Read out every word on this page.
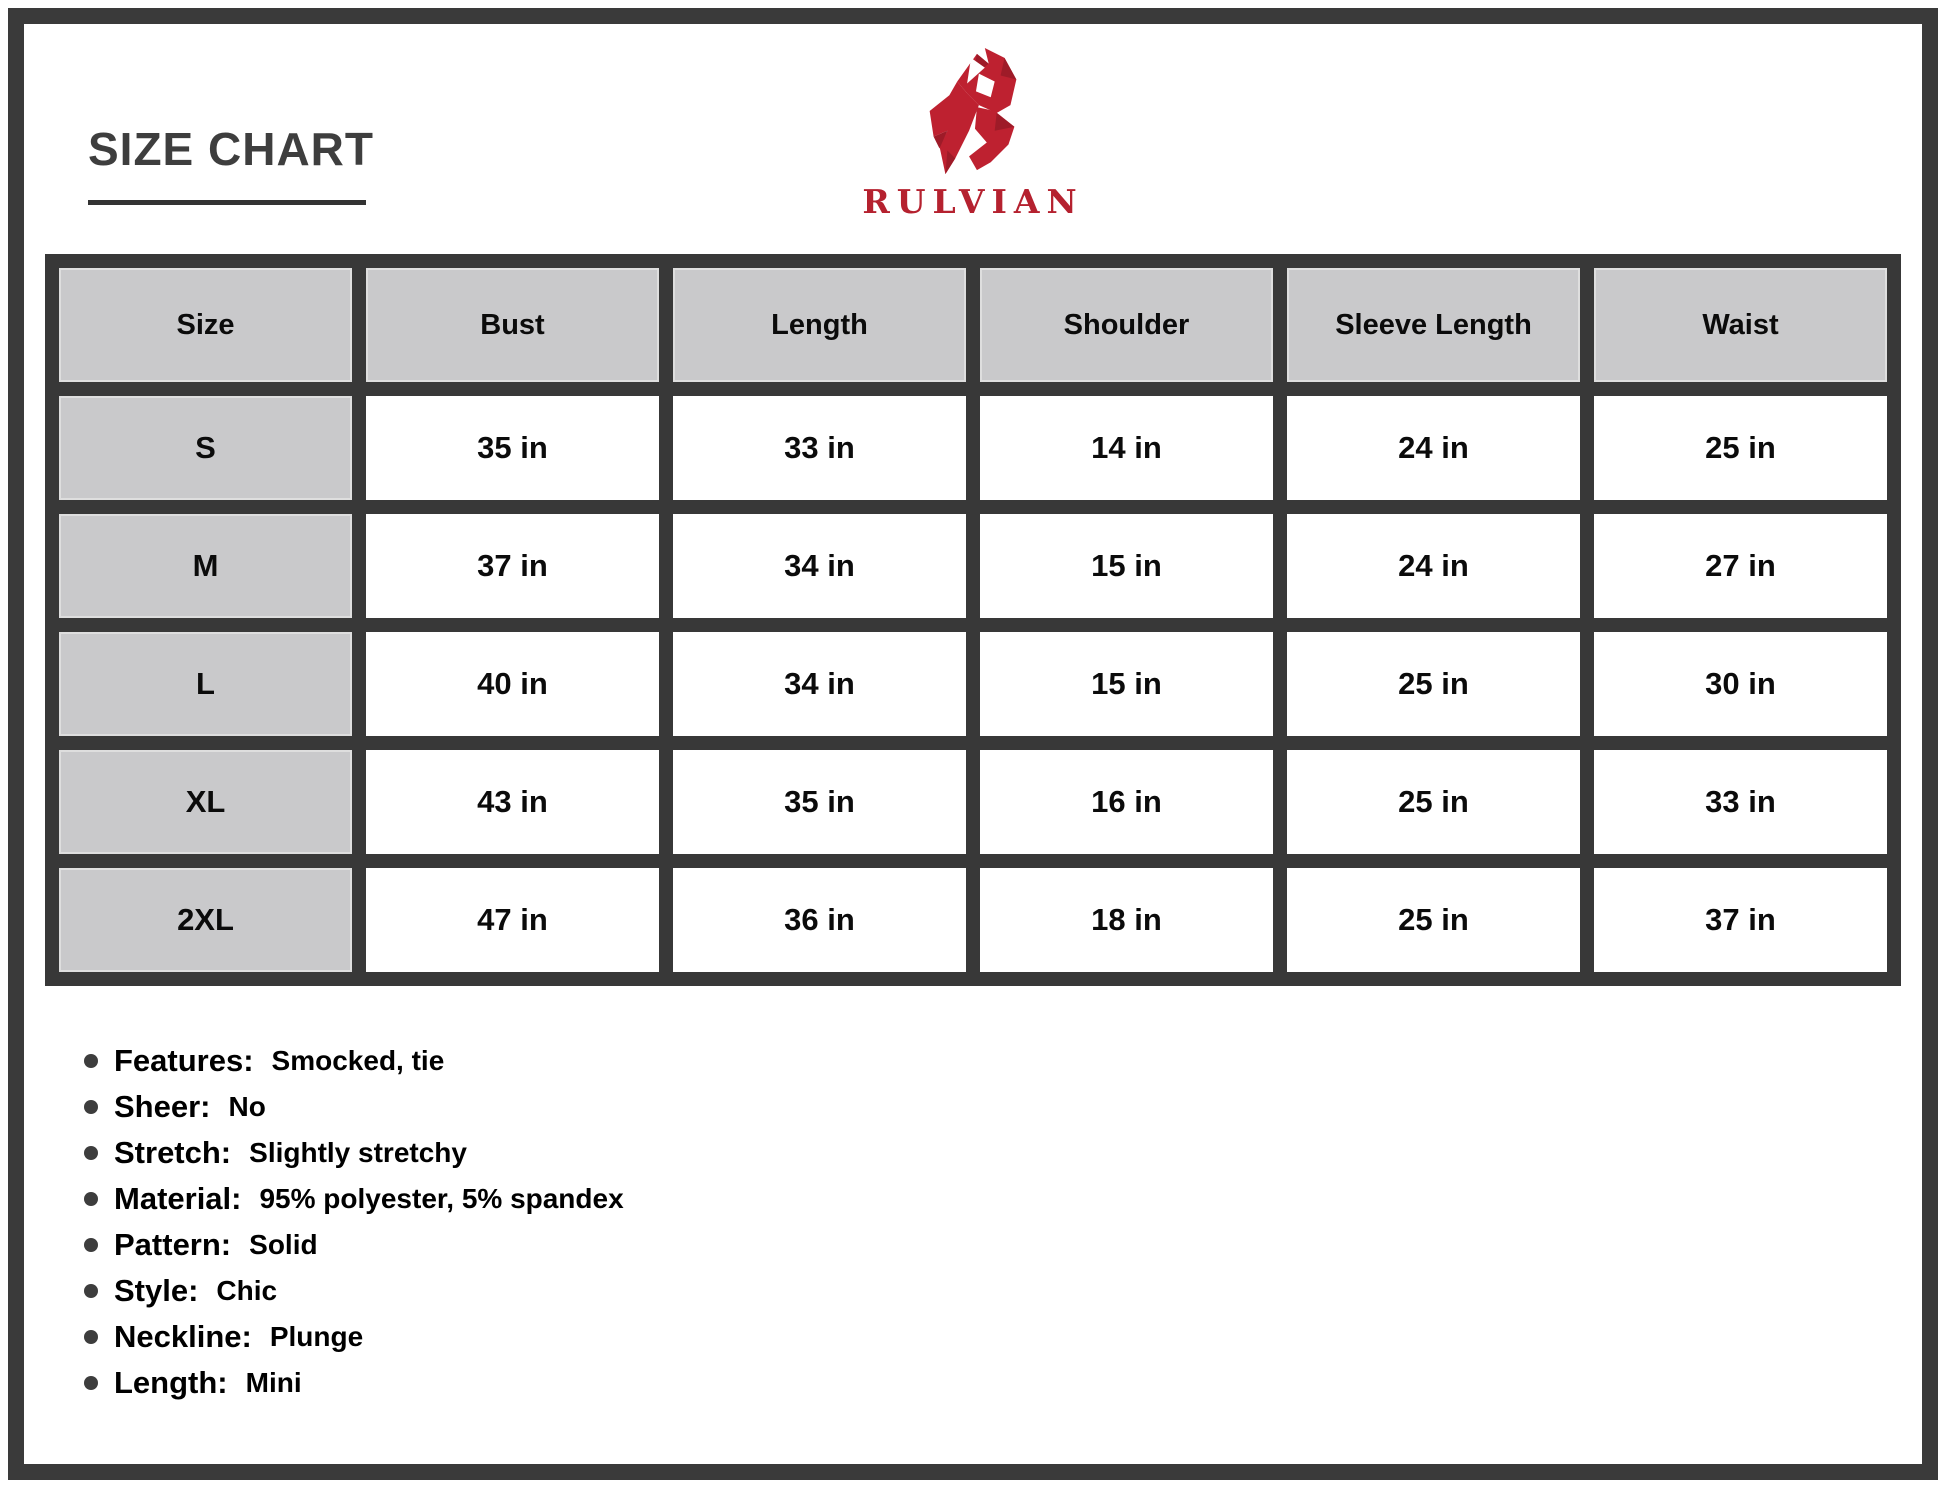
SIZE CHART
RULVIAN
Size	Bust	Length	Shoulder	Sleeve Length	Waist
S	35 in	33 in	14 in	24 in	25 in
M	37 in	34 in	15 in	24 in	27 in
L	40 in	34 in	15 in	25 in	30 in
XL	43 in	35 in	16 in	25 in	33 in
2XL	47 in	36 in	18 in	25 in	37 in
Features: Smocked, tie
Sheer: No
Stretch: Slightly stretchy
Material: 95% polyester, 5% spandex
Pattern: Solid
Style: Chic
Neckline: Plunge
Length: Mini
